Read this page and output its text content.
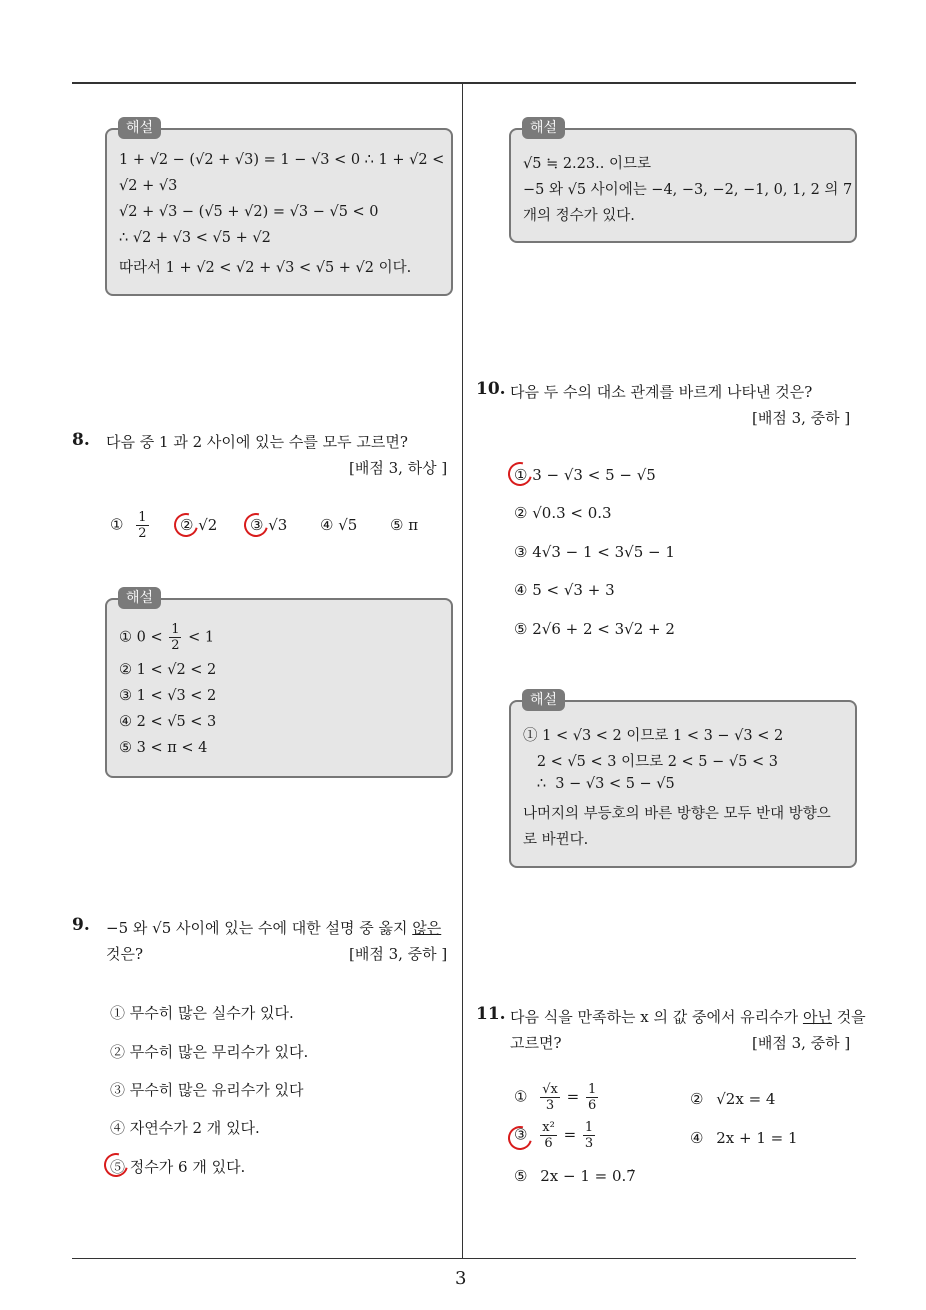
3
1 + √2 − (√2 + √3) = 1 − √3 < 0 ∴ 1 + √2 <
√2 + √3
√2 + √3 − (√5 + √2) = √3 − √5 < 0
∴ √2 + √3 < √5 + √2
따라서 1 + √2 < √2 + √3 < √5 + √2 이다.
해설
8. 다음 중 1 과 2 사이에 있는 수를 모두 고르면?
[배점 3, 하상 ]
① $\frac{1}{2}$ ② √2 ③ √3 ④ √5 ⑤ π
① $0 < \frac{1}{2} < 1$
② 1 < √2 < 2
③ 1 < √3 < 2
④ 2 < √5 < 3
⑤ 3 < π < 4
해설
9. −5 와 √5 사이에 있는 수에 대한 설명 중 옳지 않은
것은?	[배점 3, 중하 ]
① 무수히 많은 실수가 있다.
② 무수히 많은 무리수가 있다.
③ 무수히 많은 유리수가 있다
④ 자연수가 2 개 있다.
⑤ 정수가 6 개 있다.
√5 ≒ 2.23.. 이므로
−5 와 √5 사이에는 −4, −3, −2, −1, 0, 1, 2 의 7
개의 정수가 있다.
해설
10. 다음 두 수의 대소 관계를 바르게 나타낸 것은?
[배점 3, 중하 ]
① 3 − √3 < 5 − √5
② √0.3 < 0.3
③ 4√3 − 1 < 3√5 − 1
④ 5 < √3 + 3
⑤ 2√6 + 2 < 3√2 + 2
① 1 < √3 < 2 이므로 1 < 3 − √3 < 2
2 < √5 < 3 이므로 2 < 5 − √5 < 3
∴  3 − √3 < 5 − √5
나머지의 부등호의 바른 방향은 모두 반대 방향으
로 바뀐다.
해설
11. 다음 식을 만족하는 x 의 값 중에서 유리수가 아닌 것을
고르면?	[배점 3, 중하 ]
① $\frac{√x}{3} = \frac{1}{6}$	② √2x = 4
③ $\frac{\text{x²}}{6} = \frac{1}{3}$	④ 2x + 1 = 1
⑤ 2x − 1 = 0.7̇
